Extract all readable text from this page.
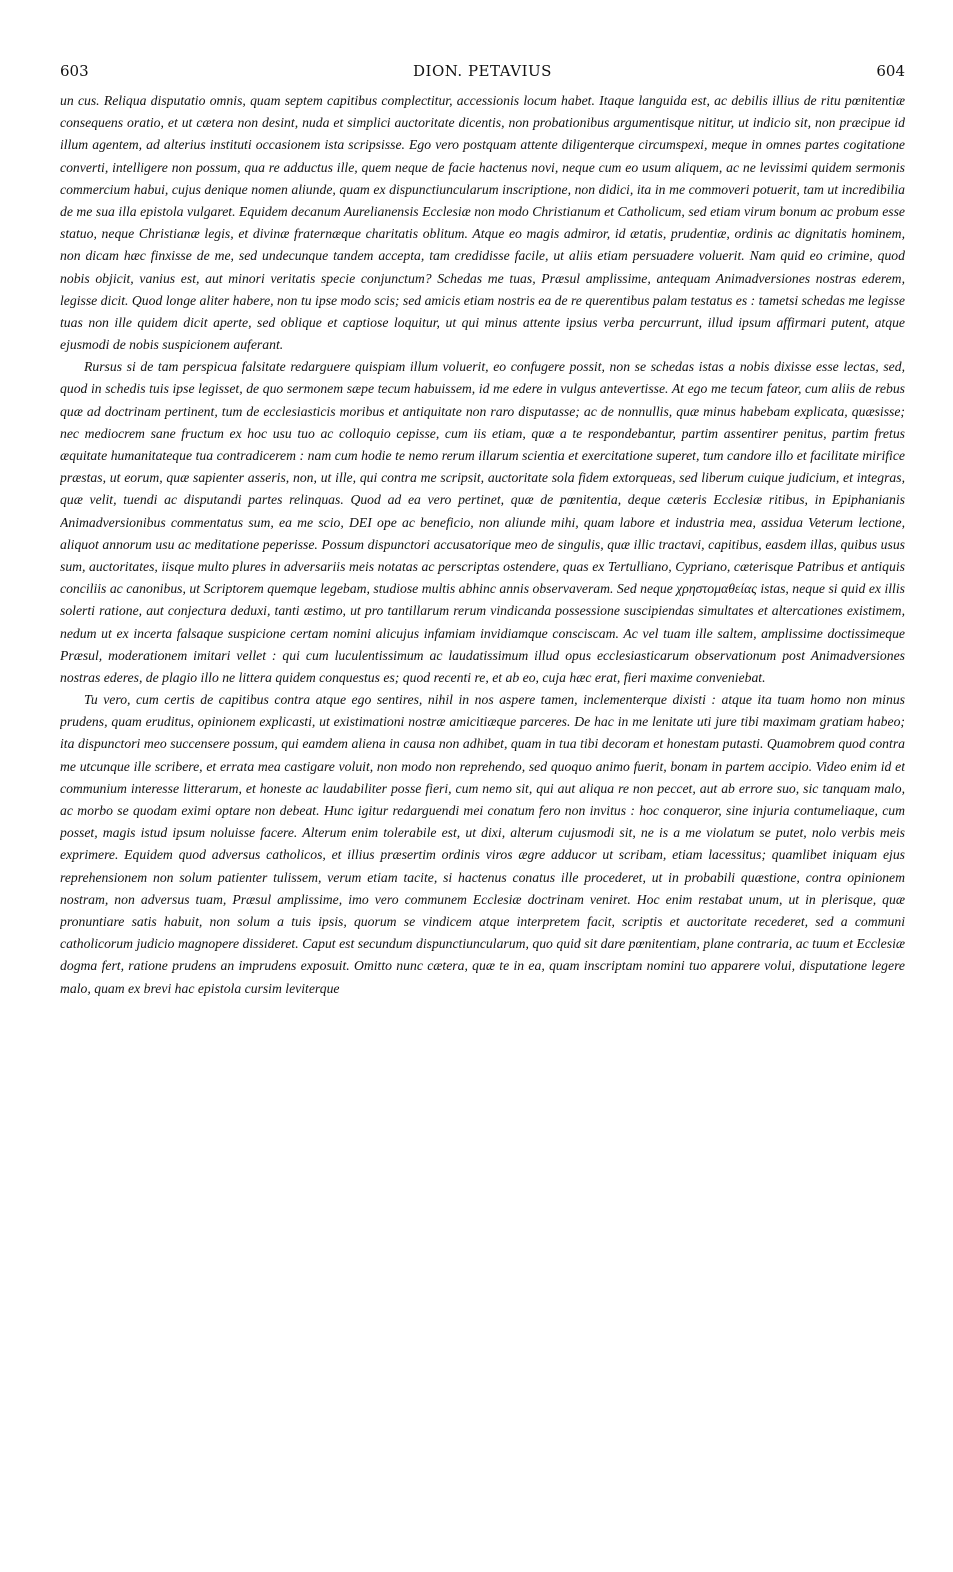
603	DION. PETAVIUS	604

un cus. Reliqua disputatio omnis, quam septem capitibus complectitur, accessionis locum habet. Itaque languida est, ac debilis illius de ritu pœnitentiæ consequens oratio, et ut cætera non desint, nuda et simplici auctoritate dicentis, non probationibus argumentisque nititur, ut indicio sit, non præcipue id illum agentem, ad alterius instituti occasionem ista scripsisse. Ego vero postquam attente diligenterque circumspexi, meque in omnes partes cogitatione converti, intelligere non possum, qua re adductus ille, quem neque de facie hactenus novi, neque cum eo usum aliquem, ac ne levissimi quidem sermonis commercium habui, cujus denique nomen aliunde, quam ex dispunctiuncularum inscriptione, non didici, ita in me commoveri potuerit, tam ut incredibilia de me sua illa epistola vulgaret. Equidem decanum Aurelianensis Ecclesiæ non modo Christianum et Catholicum, sed etiam virum bonum ac probum esse statuo, neque Christianæ legis, et divinæ fraternæque charitatis oblitum. Atque eo magis admiror, id ætatis, prudentiæ, ordinis ac dignitatis hominem, non dicam hæc finxisse de me, sed undecunque tandem accepta, tam credidisse facile, ut aliis etiam persuadere voluerit. Nam quid eo crimine, quod nobis objicit, vanius est, aut minori veritatis specie conjunctum? Schedas me tuas, Præsul amplissime, antequam Animadversiones nostras ederem, legisse dicit. Quod longe aliter habere, non tu ipse modo scis; sed amicis etiam nostris ea de re querentibus palam testatus es : tametsi schedas me legisse tuas non ille quidem dicit aperte, sed oblique et captiose loquitur, ut qui minus attente ipsius verba percurrunt, illud ipsum affirmari putent, atque ejusmodi de nobis suspicionem auferant.

Rursus si de tam perspicua falsitate redarguere quispiam illum voluerit, eo confugere possit, non se schedas istas a nobis dixisse esse lectas, sed, quod in schedis tuis ipse legisset, de quo sermonem sæpe tecum habuissem, id me edere in vulgus antevertisse. At ego me tecum fateor, cum aliis de rebus quæ ad doctrinam pertinent, tum de ecclesiasticis moribus et antiquitate non raro disputasse; ac de nonnullis, quæ minus habebam explicata, quæsisse; nec mediocrem sane fructum ex hoc usu tuo ac colloquio cepisse, cum iis etiam, quæ a te respondebantur, partim assentirer penitus, partim fretus æquitate humanitateque tua contradicerem : nam cum hodie te nemo rerum illarum scientia et exercitatione superet, tum candore illo et facilitate mirifice præstas, ut eorum, quæ sapienter asseris, non, ut ille, qui contra me scripsit, auctoritate sola fidem extorqueas, sed liberum cuique judicium, et integras, quæ velit, tuendi ac disputandi partes relinquas. Quod ad ea vero pertinet, quæ de pœnitentia, deque cæteris Ecclesiæ ritibus, in Epiphanianis Animadversionibus commentatus sum, ea me scio, DEI ope ac beneficio, non aliunde mihi, quam labore et industria mea, assidua Veterum lectione, aliquot annorum usu ac meditatione peperisse. Possum dispunctori accusatorique meo de singulis, quæ illic tractavi, capitibus, easdem illas, quibus usus sum, auctoritates, iisque multo plures in adversariis meis notatas ac perscriptas ostendere, quas ex Tertulliano, Cypriano, cæterisque Patribus et antiquis conciliis ac canonibus, ut Scriptorem quemque legebam, studiose multis abhinc annis observaveram. Sed neque χρηστομαθείας istas, neque si quid ex illis solerti ratione, aut conjectura deduxi, tanti æstimo, ut pro tantillarum rerum vindicanda possessione suscipiendas simultates et altercationes existimem, nedum ut ex incerta falsaque suspicione certam nomini alicujus infamiam invidiamque consciscam. Ac vel tuam ille saltem, amplissime doctissimeque Præsul, moderationem imitari vellet : qui cum luculentissimum ac laudatissimum illud opus ecclesiasticarum observationum post Animadversiones nostras ederes, de plagio illo ne littera quidem conquestus es; quod recenti re, et ab eo, cuja hæc erat, fieri maxime conveniebat.

Tu vero, cum certis de capitibus contra atque ego sentires, nihil in nos aspere tamen, inclementerque dixisti : atque ita tuam homo non minus prudens, quam eruditus, opinionem explicasti, ut existimationi nostræ amicitiæque parceres. De hac in me lenitate uti jure tibi maximam gratiam habeo; ita dispunctori meo succensere possum, qui eamdem aliena in causa non adhibet, quam in tua tibi decoram et honestam putasti. Quamobrem quod contra me utcunque ille scribere, et errata mea castigare voluit, non modo non reprehendo, sed quoquo animo fuerit, bonam in partem accipio. Video enim id et communium interesse litterarum, et honeste ac laudabiliter posse fieri, cum nemo sit, qui aut aliqua re non peccet, aut ab errore suo, sic tanquam malo, ac morbo se quodam eximi optare non debeat. Hunc igitur redarguendi mei conatum fero non invitus : hoc conqueror, sine injuria contumeliaque, cum posset, magis istud ipsum noluisse facere. Alterum enim tolerabile est, ut dixi, alterum cujusmodi sit, ne is a me violatum se putet, nolo verbis meis exprimere. Equidem quod adversus catholicos, et illius præsertim ordinis viros ægre adducor ut scribam, etiam lacessitus; quamlibet iniquam ejus reprehensionem non solum patienter tulissem, verum etiam tacite, si hactenus conatus ille procederet, ut in probabili quæstione, contra opinionem nostram, non adversus tuam, Præsul amplissime, imo vero communem Ecclesiæ doctrinam veniret. Hoc enim restabat unum, ut in plerisque, quæ pronuntiare satis habuit, non solum a tuis ipsis, quorum se vindicem atque interpretem facit, scriptis et auctoritate recederet, sed a communi catholicorum judicio magnopere dissideret. Caput est secundum dispunctiuncularum, quo quid sit dare pœnitentiam, plane contraria, ac tuum et Ecclesiæ dogma fert, ratione prudens an imprudens exposuit. Omitto nunc cætera, quæ te in ea, quam inscriptam nomini tuo apparere volui, disputatione legere malo, quam ex brevi hac epistola cursim leviterque
